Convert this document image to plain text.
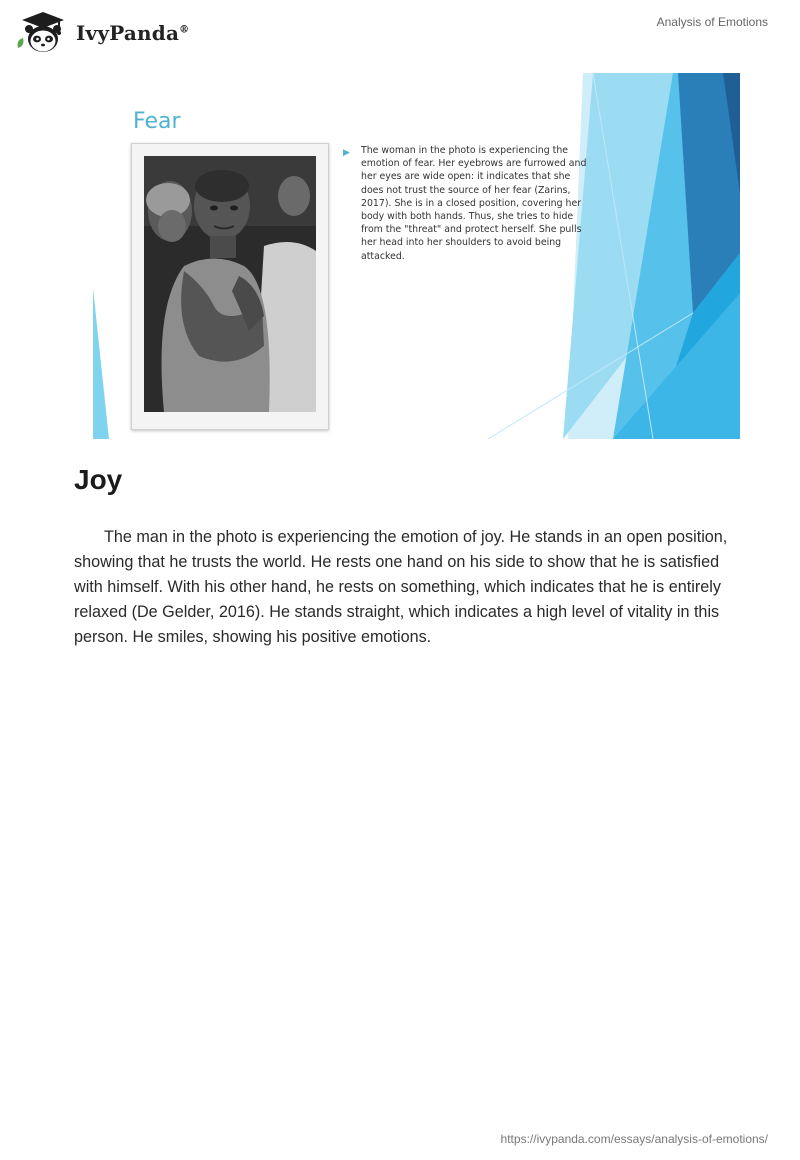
IvyPanda®
Analysis of Emotions
Fear
▶	The woman in the photo is experiencing the emotion of fear. Her eyebrows are furrowed and her eyes are wide open: it indicates that she does not trust the source of her fear (Zarins, 2017). She is in a closed position, covering her body with both hands. Thus, she tries to hide from the "threat" and protect herself. She pulls her head into her shoulders to avoid being attacked.
Joy

The man in the photo is experiencing the emotion of joy. He stands in an open position, showing that he trusts the world. He rests one hand on his side to show that he is satisfied with himself. With his other hand, he rests on something, which indicates that he is entirely relaxed (De Gelder, 2016). He stands straight, which indicates a high level of vitality in this person. He smiles, showing his positive emotions.

https://ivypanda.com/essays/analysis-of-emotions/
